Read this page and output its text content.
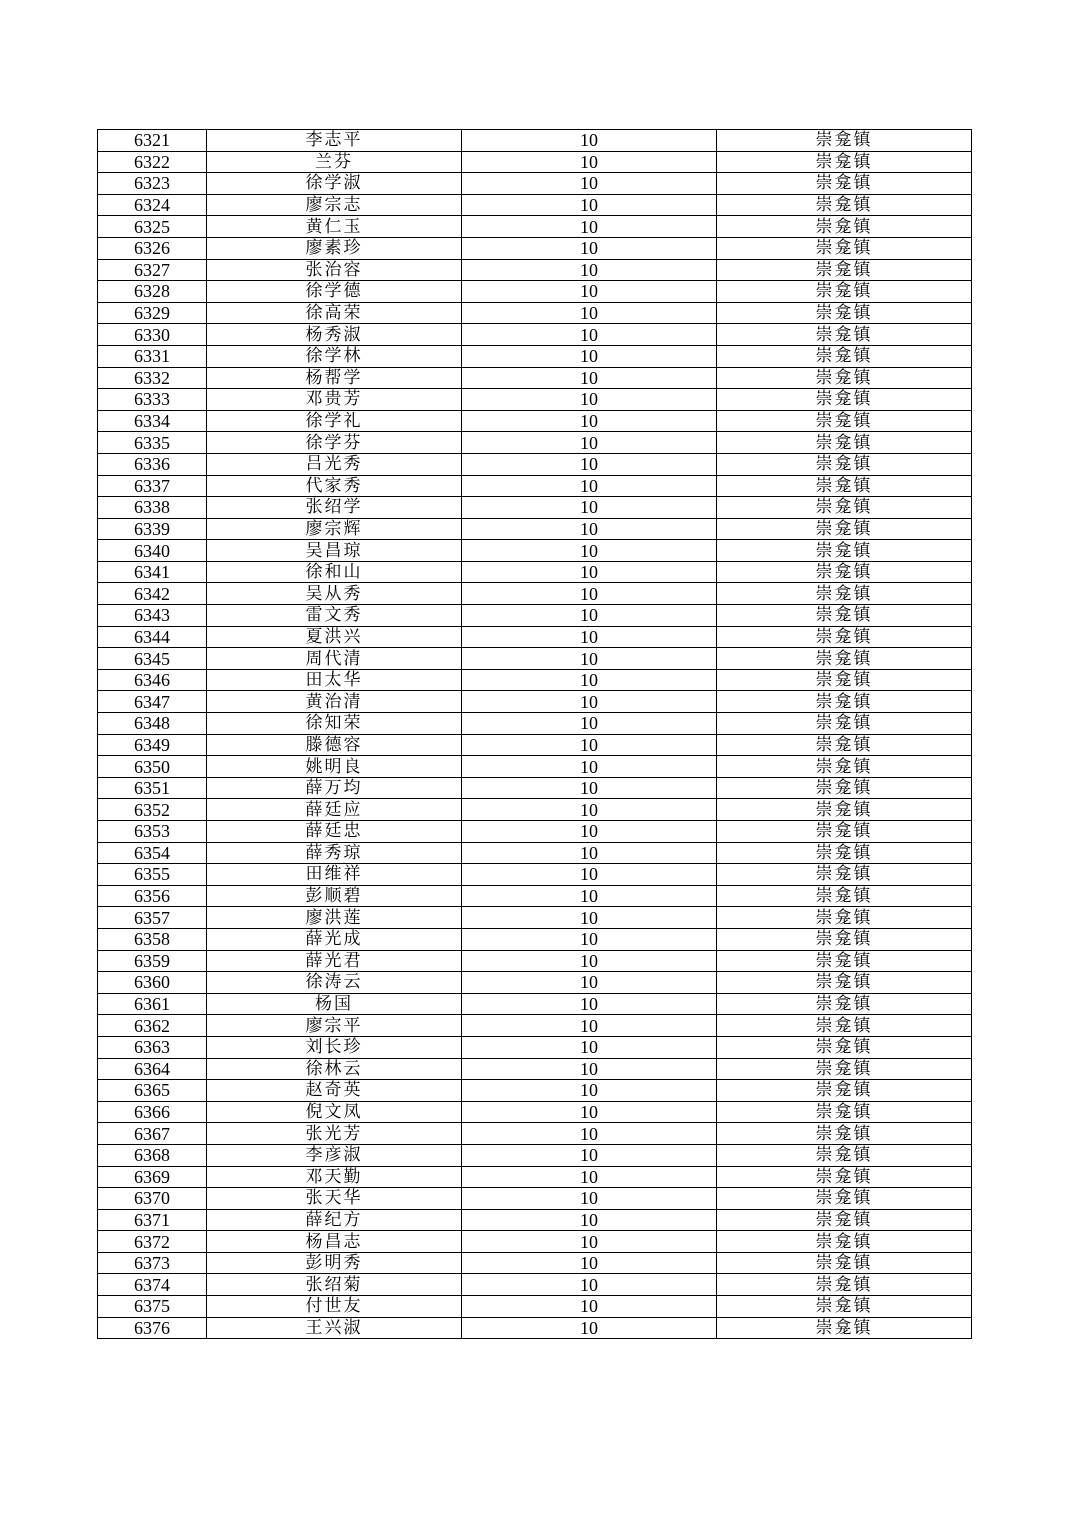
6321	李志平	10	崇龛镇
6322	兰芬	10	崇龛镇
6323	徐学淑	10	崇龛镇
6324	廖宗志	10	崇龛镇
6325	黄仁玉	10	崇龛镇
6326	廖素珍	10	崇龛镇
6327	张治容	10	崇龛镇
6328	徐学德	10	崇龛镇
6329	徐高荣	10	崇龛镇
6330	杨秀淑	10	崇龛镇
6331	徐学林	10	崇龛镇
6332	杨帮学	10	崇龛镇
6333	邓贵芳	10	崇龛镇
6334	徐学礼	10	崇龛镇
6335	徐学芬	10	崇龛镇
6336	吕光秀	10	崇龛镇
6337	代家秀	10	崇龛镇
6338	张绍学	10	崇龛镇
6339	廖宗辉	10	崇龛镇
6340	吴昌琼	10	崇龛镇
6341	徐和山	10	崇龛镇
6342	吴从秀	10	崇龛镇
6343	雷文秀	10	崇龛镇
6344	夏洪兴	10	崇龛镇
6345	周代清	10	崇龛镇
6346	田太华	10	崇龛镇
6347	黄治清	10	崇龛镇
6348	徐知荣	10	崇龛镇
6349	滕德容	10	崇龛镇
6350	姚明良	10	崇龛镇
6351	薛万均	10	崇龛镇
6352	薛廷应	10	崇龛镇
6353	薛廷忠	10	崇龛镇
6354	薛秀琼	10	崇龛镇
6355	田维祥	10	崇龛镇
6356	彭顺碧	10	崇龛镇
6357	廖洪莲	10	崇龛镇
6358	薛光成	10	崇龛镇
6359	薛光君	10	崇龛镇
6360	徐涛云	10	崇龛镇
6361	杨国	10	崇龛镇
6362	廖宗平	10	崇龛镇
6363	刘长珍	10	崇龛镇
6364	徐林云	10	崇龛镇
6365	赵奇英	10	崇龛镇
6366	倪文凤	10	崇龛镇
6367	张光芳	10	崇龛镇
6368	李彦淑	10	崇龛镇
6369	邓天勤	10	崇龛镇
6370	张天华	10	崇龛镇
6371	薛纪方	10	崇龛镇
6372	杨昌志	10	崇龛镇
6373	彭明秀	10	崇龛镇
6374	张绍菊	10	崇龛镇
6375	付世友	10	崇龛镇
6376	王兴淑	10	崇龛镇
